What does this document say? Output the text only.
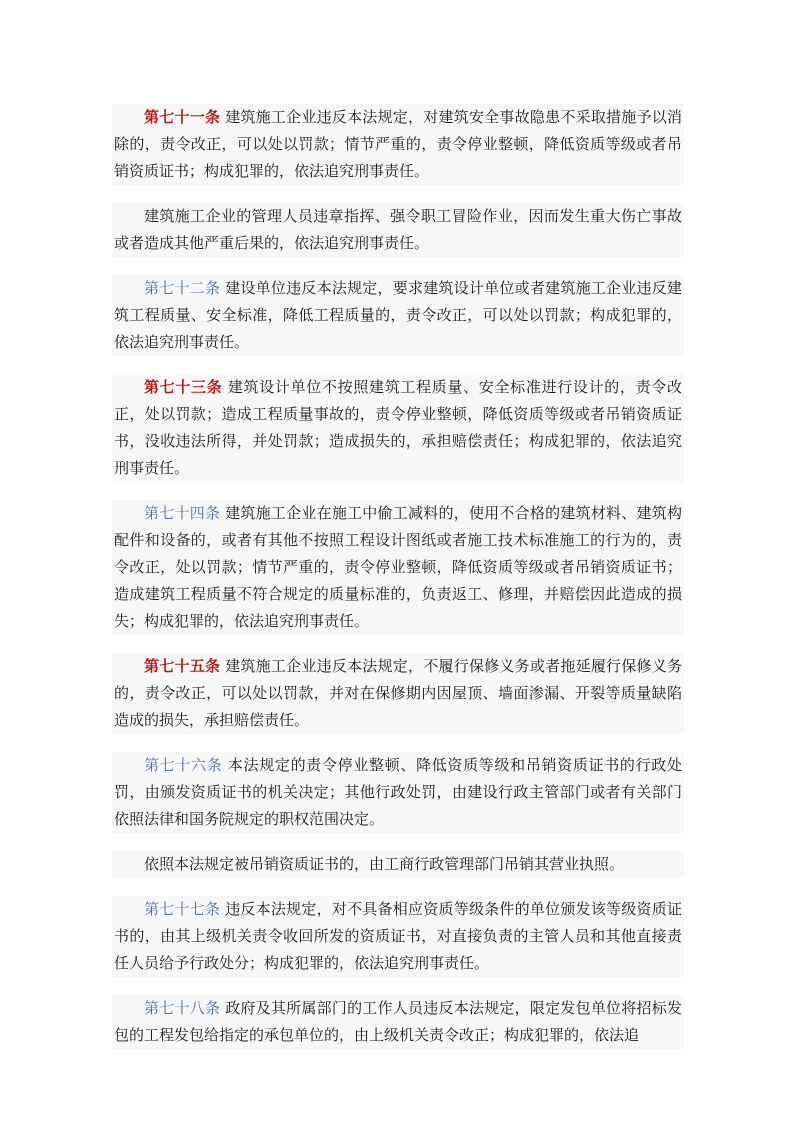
第七十一条 建筑施工企业违反本法规定，对建筑安全事故隐患不采取措施予以消除的，责令改正，可以处以罚款；情节严重的，责令停业整顿，降低资质等级或者吊销资质证书；构成犯罪的，依法追究刑事责任。

建筑施工企业的管理人员违章指挥、强令职工冒险作业，因而发生重大伤亡事故或者造成其他严重后果的，依法追究刑事责任。

第七十二条 建设单位违反本法规定，要求建筑设计单位或者建筑施工企业违反建筑工程质量、安全标准，降低工程质量的，责令改正，可以处以罚款；构成犯罪的，依法追究刑事责任。

第七十三条 建筑设计单位不按照建筑工程质量、安全标准进行设计的，责令改正，处以罚款；造成工程质量事故的，责令停业整顿，降低资质等级或者吊销资质证书，没收违法所得，并处罚款；造成损失的，承担赔偿责任；构成犯罪的，依法追究刑事责任。

第七十四条 建筑施工企业在施工中偷工减料的，使用不合格的建筑材料、建筑构配件和设备的，或者有其他不按照工程设计图纸或者施工技术标准施工的行为的，责令改正，处以罚款；情节严重的，责令停业整顿，降低资质等级或者吊销资质证书；造成建筑工程质量不符合规定的质量标准的，负责返工、修理，并赔偿因此造成的损失；构成犯罪的，依法追究刑事责任。

第七十五条 建筑施工企业违反本法规定，不履行保修义务或者拖延履行保修义务的，责令改正，可以处以罚款，并对在保修期内因屋顶、墙面渗漏、开裂等质量缺陷造成的损失，承担赔偿责任。

第七十六条 本法规定的责令停业整顿、降低资质等级和吊销资质证书的行政处罚，由颁发资质证书的机关决定；其他行政处罚，由建设行政主管部门或者有关部门依照法律和国务院规定的职权范围决定。

依照本法规定被吊销资质证书的，由工商行政管理部门吊销其营业执照。

第七十七条 违反本法规定，对不具备相应资质等级条件的单位颁发该等级资质证书的，由其上级机关责令收回所发的资质证书，对直接负责的主管人员和其他直接责任人员给予行政处分；构成犯罪的，依法追究刑事责任。

第七十八条 政府及其所属部门的工作人员违反本法规定，限定发包单位将招标发包的工程发包给指定的承包单位的，由上级机关责令改正；构成犯罪的，依法追
